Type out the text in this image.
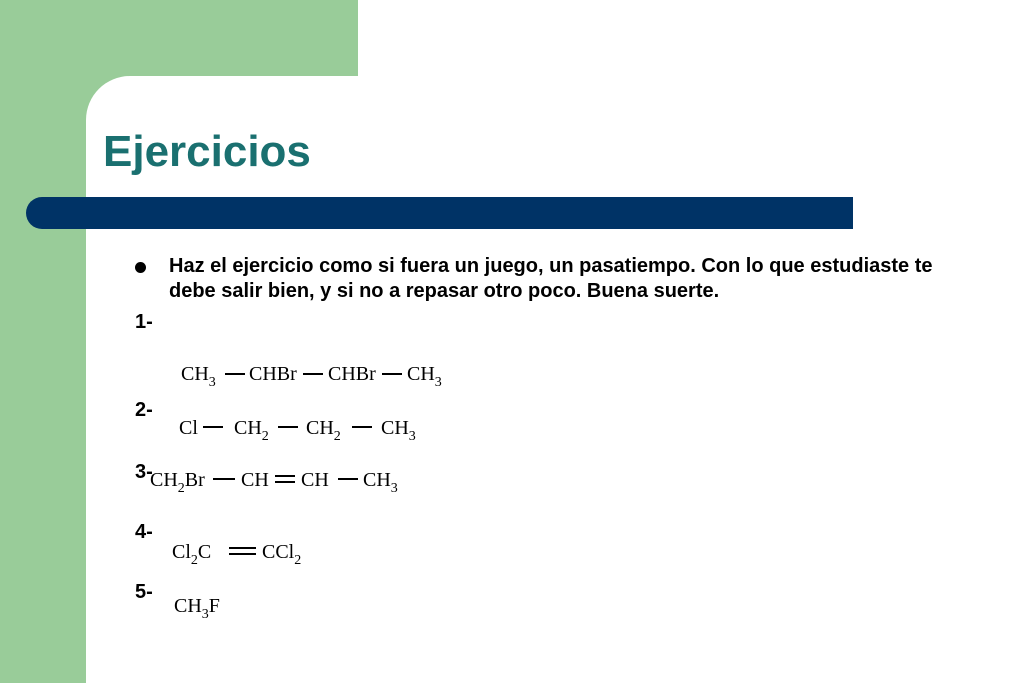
Ejercicios

Haz el ejercicio como si fuera un juego, un pasatiempo. Con lo que estudiaste te debe salir bien, y si no a repasar otro poco. Buena suerte.

1-
$CH_3$ CHBr CHBr $CH_3$
2-
Cl $CH_2$ $CH_2$ $CH_3$
3-
$CH_2Br$ CH CH $CH_3$
4-
$Cl_2C$	CCl$_2$
5-
$CH_3F$
